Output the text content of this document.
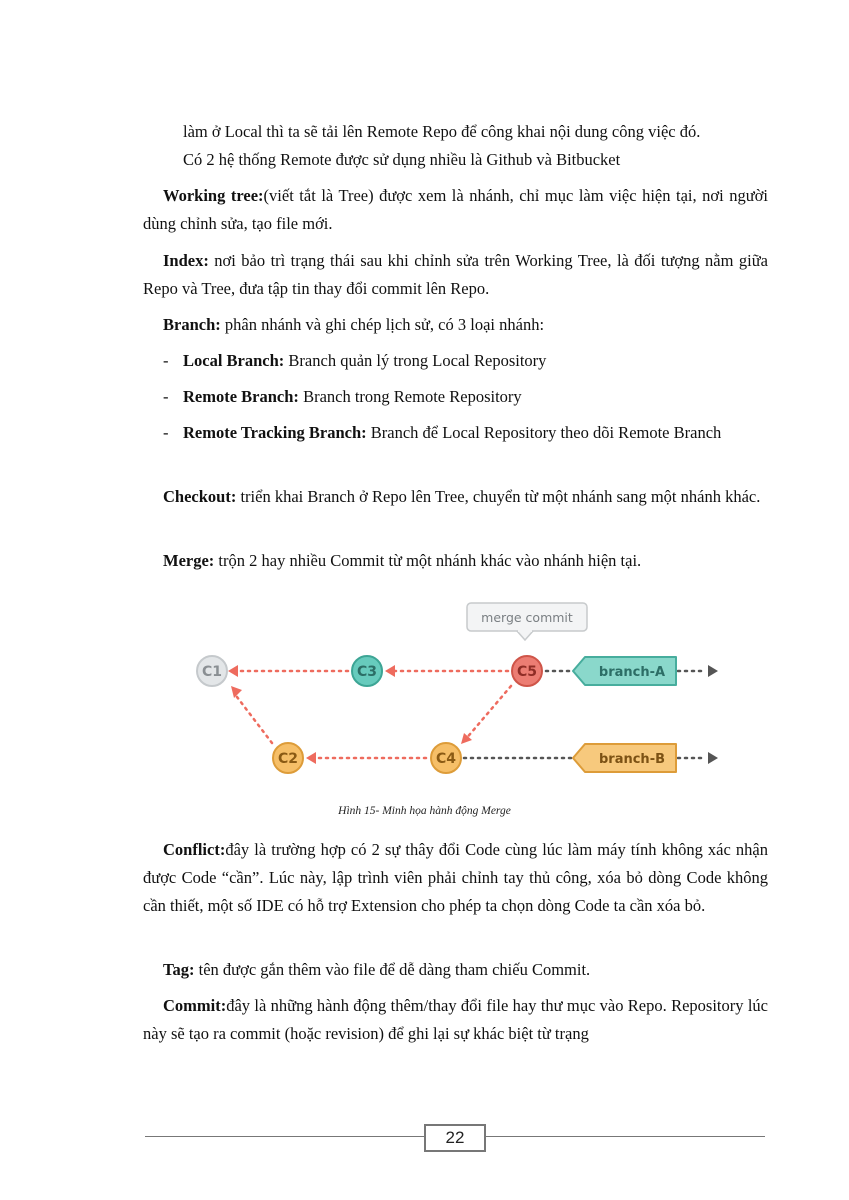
làm ở Local thì ta sẽ tải lên Remote Repo để công khai nội dung công việc đó.

Có 2 hệ thống Remote được sử dụng nhiều là Github và Bitbucket

Working tree:(viết tắt là Tree) được xem là nhánh, chỉ mục làm việc hiện tại, nơi người dùng chỉnh sửa, tạo file mới.

Index: nơi bảo trì trạng thái sau khi chỉnh sửa trên Working Tree, là đối tượng nằm giữa Repo và Tree, đưa tập tin thay đổi commit lên Repo.

Branch: phân nhánh và ghi chép lịch sử, có 3 loại nhánh:

- Local Branch: Branch quản lý trong Local Repository
- Remote Branch: Branch trong Remote Repository
- Remote Tracking Branch: Branch để Local Repository theo dõi Remote Branch

Checkout: triển khai Branch ở Repo lên Tree, chuyển từ một nhánh sang một nhánh khác.

Merge: trộn 2 hay nhiều Commit từ một nhánh khác vào nhánh hiện tại.

merge commit
C1	C3	C5
C2	C4
branch-A
branch-B
Hình 15- Minh họa hành động Merge

Conflict:đây là trường hợp có 2 sự thây đổi Code cùng lúc làm máy tính không xác nhận được Code “cần”. Lúc này, lập trình viên phải chỉnh tay thủ công, xóa bỏ dòng Code không cần thiết, một số IDE có hỗ trợ Extension cho phép ta chọn dòng Code ta cần xóa bỏ.

Tag: tên được gắn thêm vào file để dễ dàng tham chiếu Commit.

Commit:đây là những hành động thêm/thay đổi file hay thư mục vào Repo. Repository lúc này sẽ tạo ra commit (hoặc revision) để ghi lại sự khác biệt từ trạng

22
